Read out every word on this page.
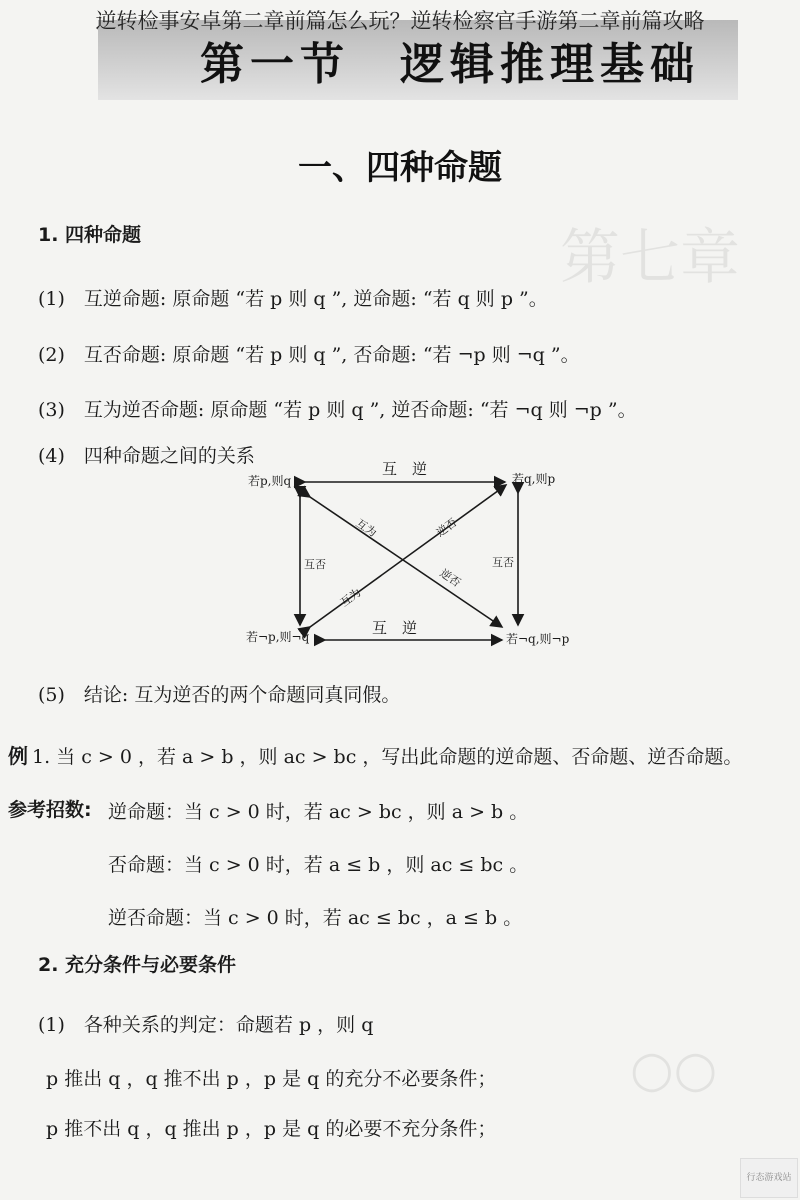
逆转检事安卓第二章前篇怎么玩？逆转检察官手游第二章前篇攻略
第一节　逻辑推理基础
第七章
一、四种命题
1. 四种命题
(1)　互逆命题: 原命题 “若 p 则 q ”, 逆命题: “若 q 则 p ”。
(2)　互否命题: 原命题 “若 p 则 q ”, 否命题: “若 ¬p 则 ¬q ”。
(3)　互为逆否命题: 原命题 “若 p 则 q ”, 逆否命题: “若 ¬q 则 ¬p ”。
(4)　四种命题之间的关系
若p,则q	若q,则p
若¬p,则¬q	若¬q,则¬p
互　逆
互　逆
互否	互否
互为
互为
逆否
逆否
(5)　结论: 互为逆否的两个命题同真同假。
例 1. 当 c > 0 ，若 a > b ，则 ac > bc ，写出此命题的逆命题、否命题、逆否命题。
参考招数: 逆命题：当 c > 0 时，若 ac > bc ，则 a > b 。
否命题：当 c > 0 时，若 a ≤ b ，则 ac ≤ bc 。
逆否命题：当 c > 0 时，若 ac ≤ bc ，a ≤ b 。
2. 充分条件与必要条件
(1)　各种关系的判定：命题若 p ，则 q
p 推出 q ，q 推不出 p ，p 是 q 的充分不必要条件；
p 推不出 q ，q 推出 p ，p 是 q 的必要不充分条件；
○○
行态游戏站
